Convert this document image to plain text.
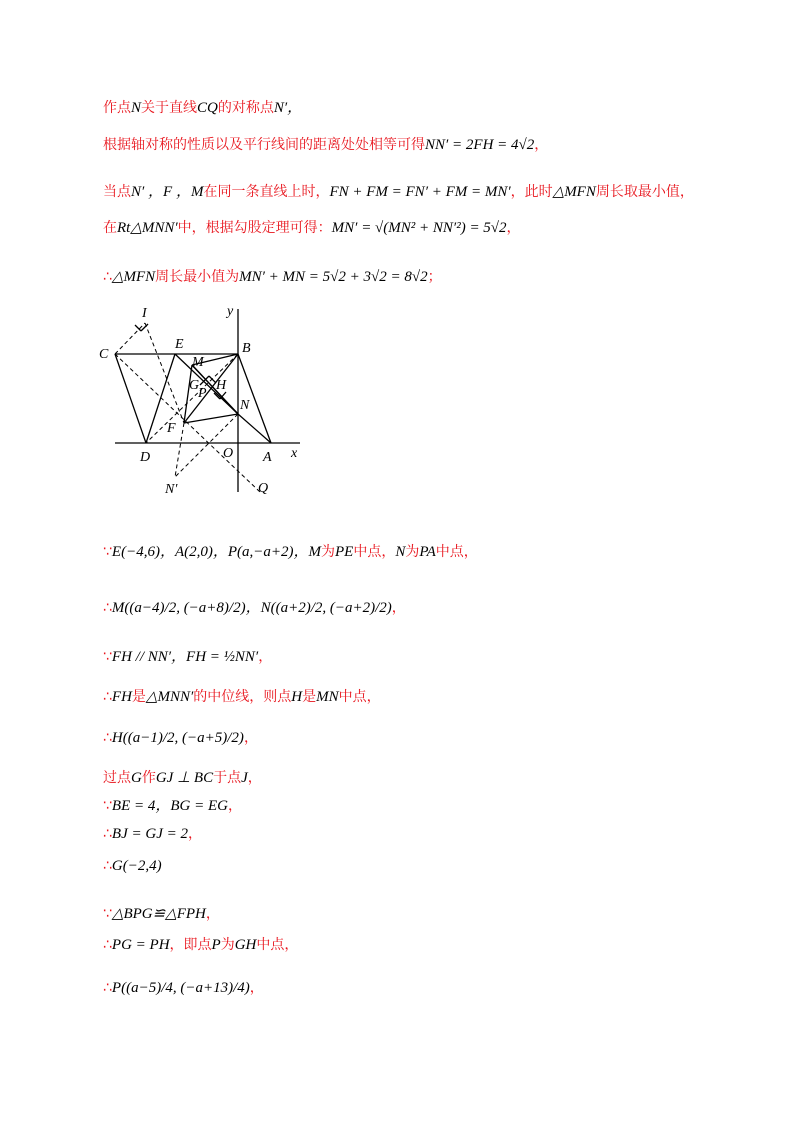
作点N关于直线CQ的对称点N′，
根据轴对称的性质以及平行线间的距离处处相等可得NN′ = 2FH = 4√2，
当点N′ ，F ，M在同一条直线上时，FN + FM = FN′ + FM = MN′，此时△MFN周长取最小值，
在Rt△MNN′中，根据勾股定理可得：MN′ = √(MN² + NN′²) = 5√2，
∴△MFN周长最小值为MN′ + MN = 5√2 + 3√2 = 8√2；
C
E	B
I
M
G H
P
N
F
D	O A
N′	Q
x
y
∵E(−4,6)，A(2,0)，P(a,−a+2)，M为PE中点，N为PA中点，
∴M((a−4)/2, (−a+8)/2)，N((a+2)/2, (−a+2)/2)，
∵FH // NN′，FH = ½NN′，
∴FH是△MNN′的中位线，则点H是MN中点，
∴H((a−1)/2, (−a+5)/2)，
过点G作GJ ⊥ BC于点J，
∵BE = 4，BG = EG，
∴BJ = GJ = 2，
∴G(−2,4)
∵△BPG≌△FPH，
∴PG = PH，即点P为GH中点，
∴P((a−5)/4, (−a+13)/4)，
